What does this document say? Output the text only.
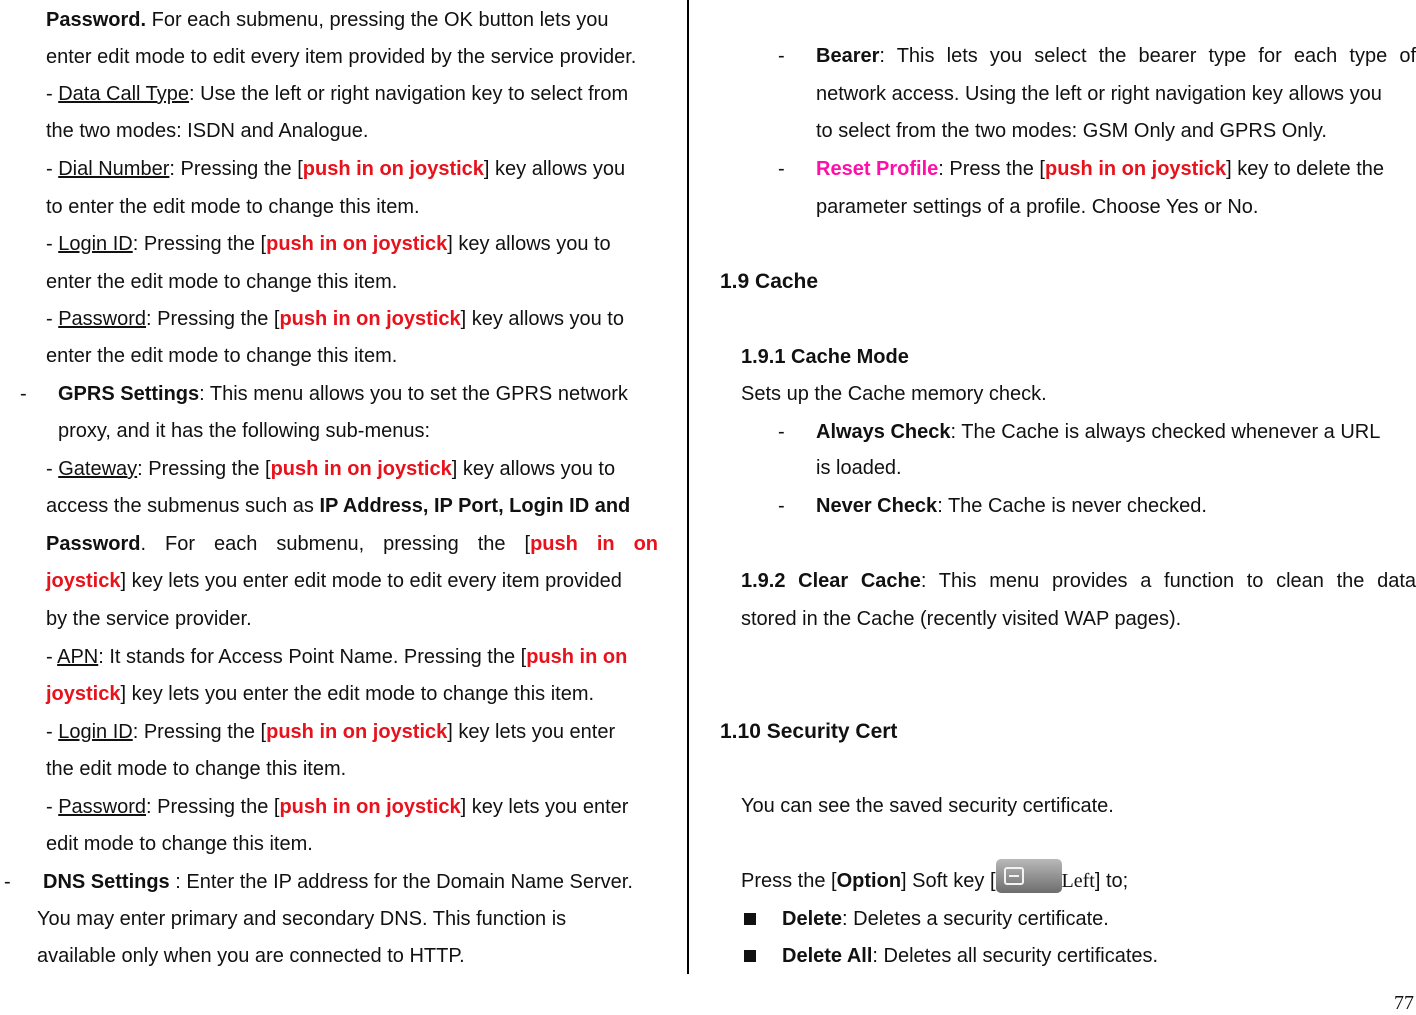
Password. For each submenu, pressing the OK button lets you
enter edit mode to edit every item provided by the service provider.
- Data Call Type: Use the left or right navigation key to select from
the two modes: ISDN and Analogue.
- Dial Number: Pressing the [push in on joystick] key allows you
to enter the edit mode to change this item.
- Login ID: Pressing the [push in on joystick] key allows you to
enter the edit mode to change this item.
- Password: Pressing the [push in on joystick] key allows you to
enter the edit mode to change this item.
- GPRS Settings: This menu allows you to set the GPRS network
proxy, and it has the following sub-menus:
- Gateway: Pressing the [push in on joystick] key allows you to
access the submenus such as IP Address, IP Port, Login ID and
Password. For each submenu, pressing the [push in on
joystick] key lets you enter edit mode to edit every item provided
by the service provider.
- APN: It stands for Access Point Name. Pressing the [push in on
joystick] key lets you enter the edit mode to change this item.
- Login ID: Pressing the [push in on joystick] key lets you enter
the edit mode to change this item.
- Password: Pressing the [push in on joystick] key lets you enter
edit mode to change this item.
- DNS Settings : Enter the IP address for the Domain Name Server.
You may enter primary and secondary DNS. This function is
available only when you are connected to HTTP.
- Bearer: This lets you select the bearer type for each type of
network access. Using the left or right navigation key allows you
to select from the two modes: GSM Only and GPRS Only.
- Reset Profile: Press the [push in on joystick] key to delete the
parameter settings of a profile. Choose Yes or No.
1.9 Cache
1.9.1 Cache Mode
Sets up the Cache memory check.
- Always Check: The Cache is always checked whenever a URL
is loaded.
- Never Check: The Cache is never checked.
1.9.2 Clear Cache: This menu provides a function to clean the data
stored in the Cache (recently visited WAP pages).
1.10 Security Cert
You can see the saved security certificate.
Press the [Option] Soft key [	Left] to;
Delete: Deletes a security certificate.
Delete All: Deletes all security certificates.
77
